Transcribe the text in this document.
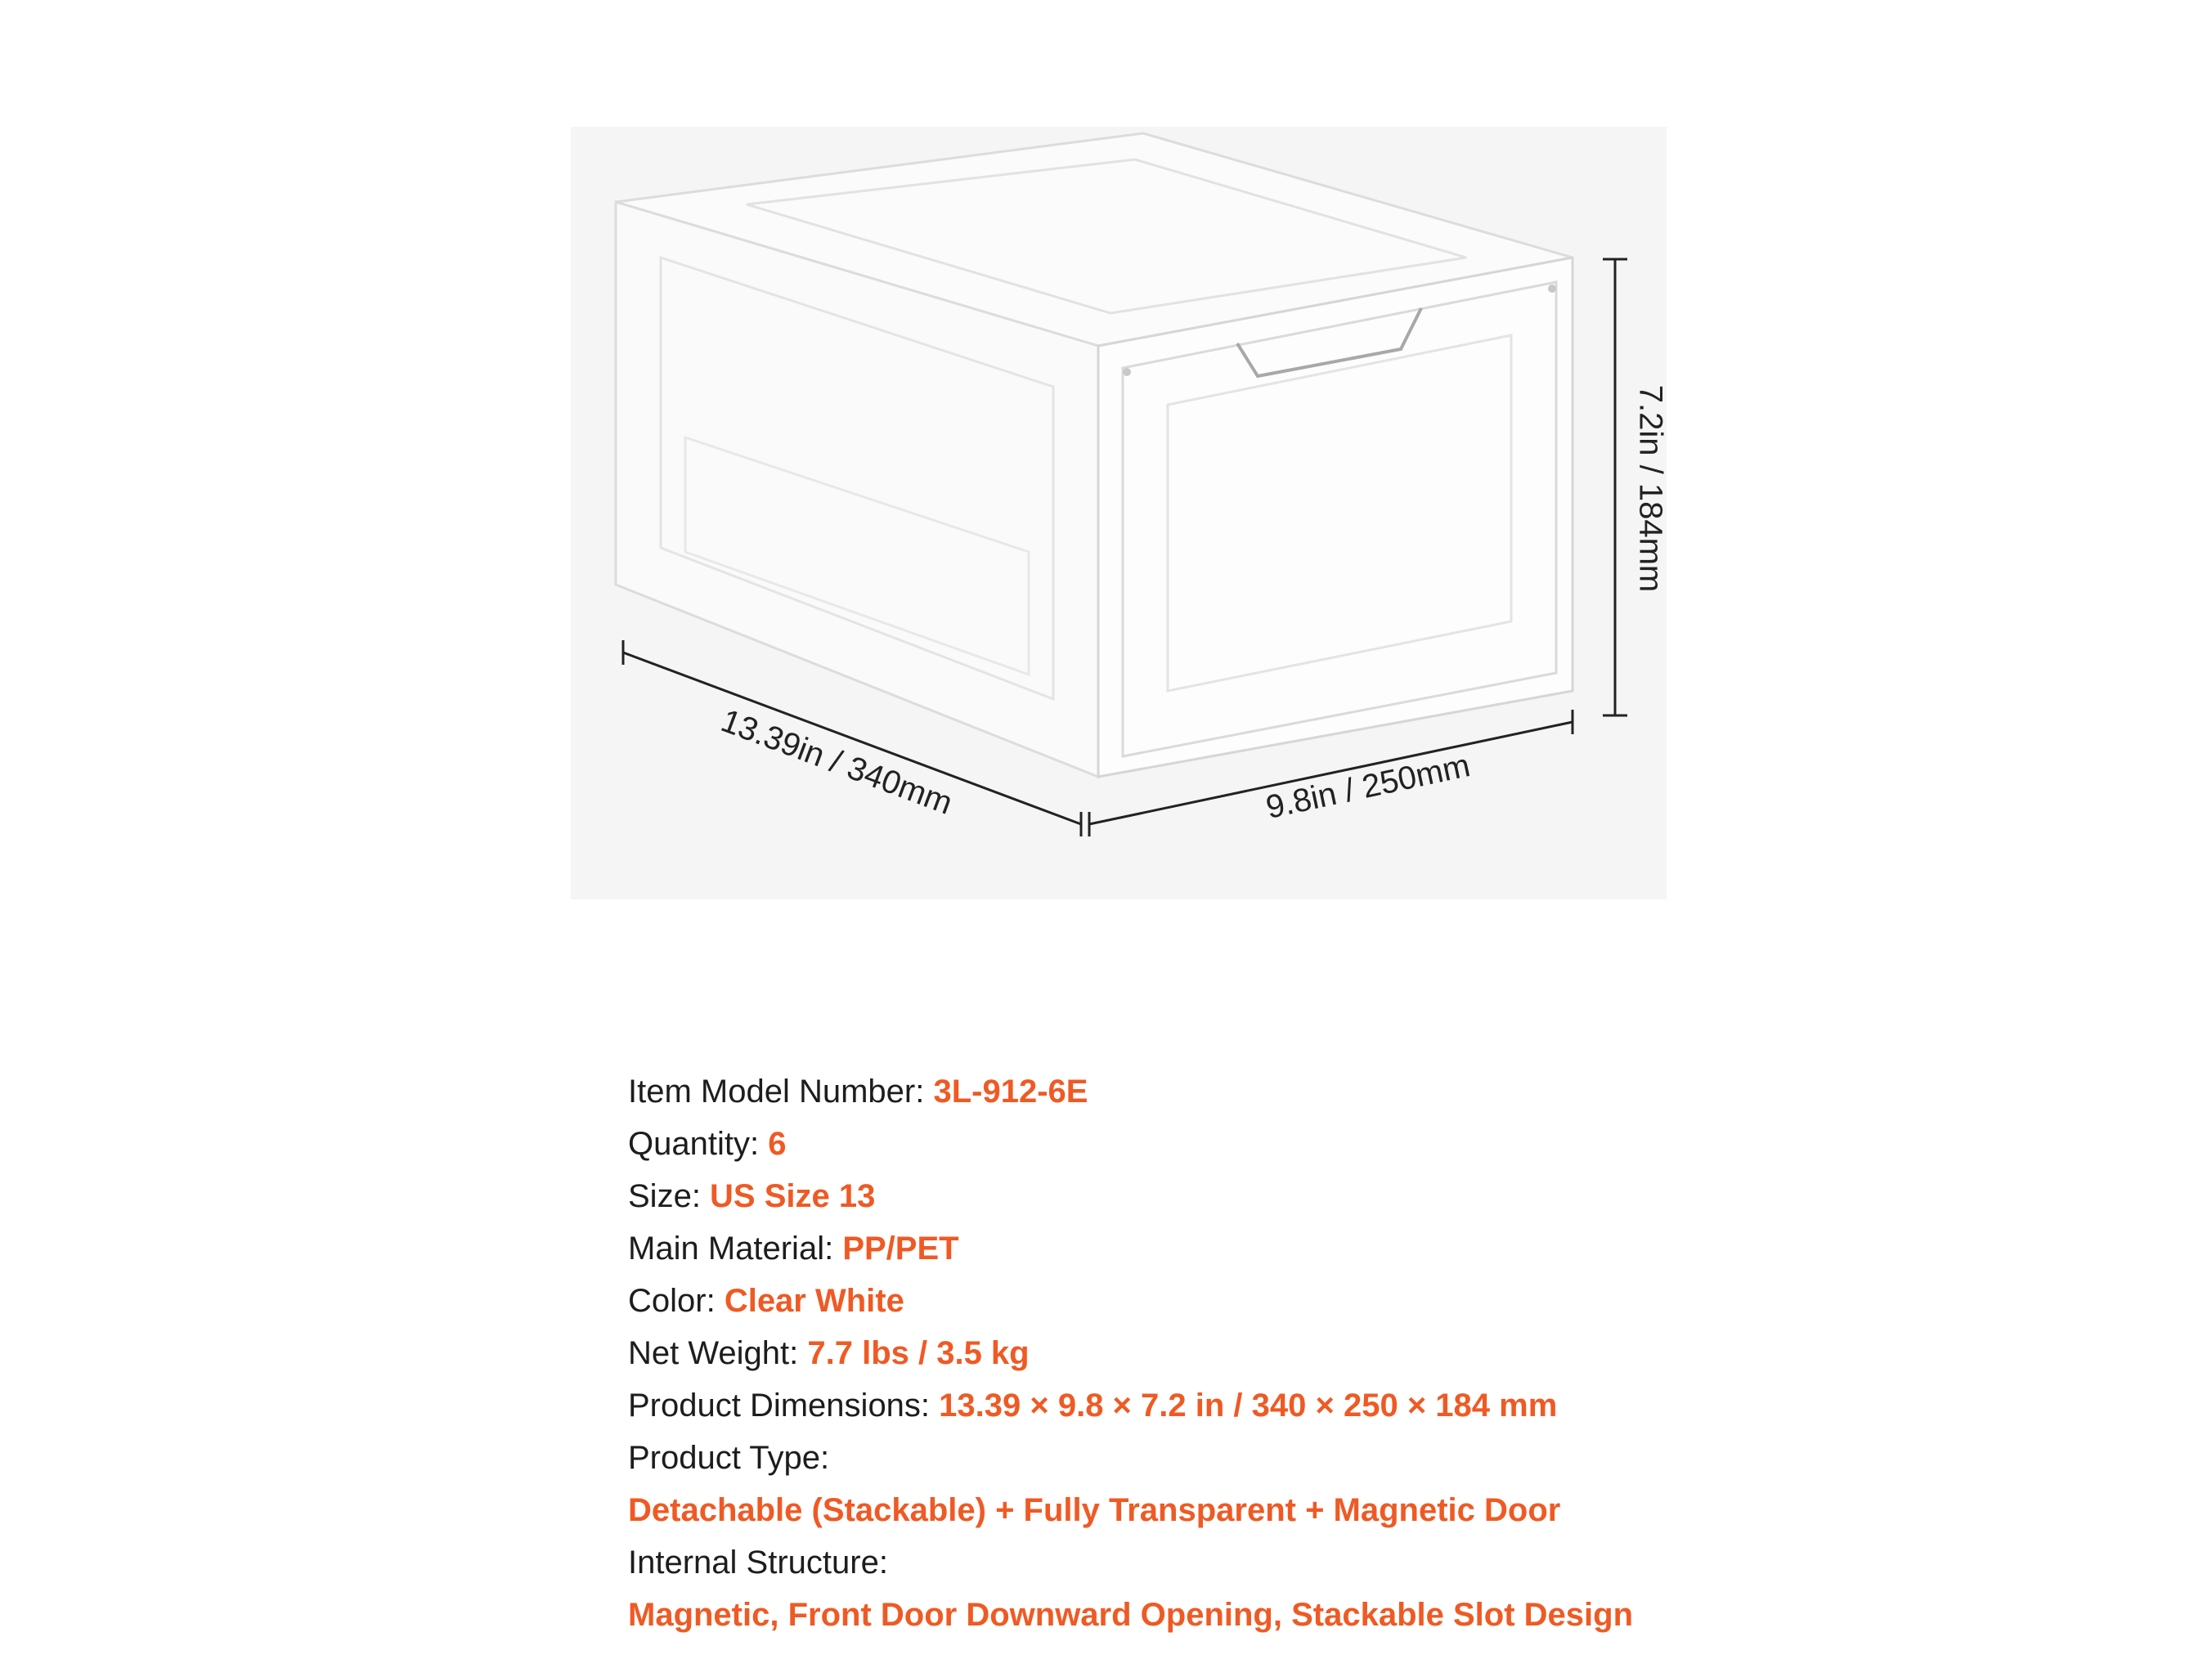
13.39in / 340mm	9.8in / 250mm
7.2in / 184mm
Item Model Number: 3L-912-6E
Quantity: 6
Size: US Size 13
Main Material: PP/PET
Color: Clear White
Net Weight: 7.7 lbs / 3.5 kg
Product Dimensions: 13.39 × 9.8 × 7.2 in / 340 × 250 × 184 mm
Product Type:
Detachable (Stackable) + Fully Transparent + Magnetic Door
Internal Structure:
Magnetic, Front Door Downward Opening, Stackable Slot Design
